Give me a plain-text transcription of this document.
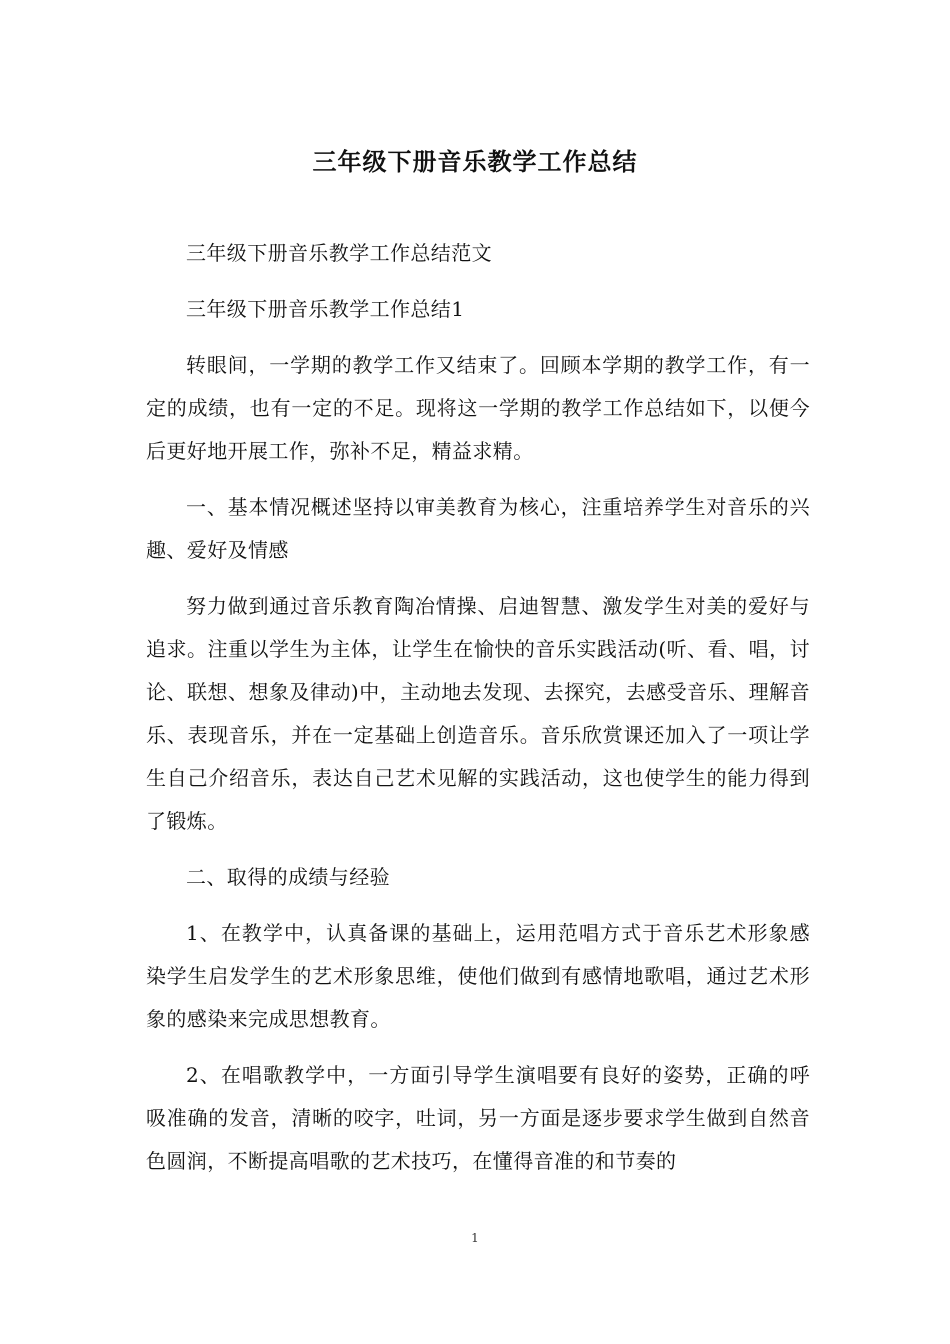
三年级下册音乐教学工作总结

三年级下册音乐教学工作总结范文

三年级下册音乐教学工作总结1

转眼间，一学期的教学工作又结束了。回顾本学期的教学工作，有一定的成绩，也有一定的不足。现将这一学期的教学工作总结如下，以便今后更好地开展工作，弥补不足，精益求精。

一、基本情况概述坚持以审美教育为核心，注重培养学生对音乐的兴趣、爱好及情感

努力做到通过音乐教育陶冶情操、启迪智慧、激发学生对美的爱好与追求。注重以学生为主体，让学生在愉快的音乐实践活动(听、看、唱，讨论、联想、想象及律动)中，主动地去发现、去探究，去感受音乐、理解音乐、表现音乐，并在一定基础上创造音乐。音乐欣赏课还加入了一项让学生自己介绍音乐，表达自己艺术见解的实践活动，这也使学生的能力得到了锻炼。

二、取得的成绩与经验

1、在教学中，认真备课的基础上，运用范唱方式于音乐艺术形象感染学生启发学生的艺术形象思维，使他们做到有感情地歌唱，通过艺术形象的感染来完成思想教育。

2、在唱歌教学中，一方面引导学生演唱要有良好的姿势，正确的呼吸准确的发音，清晰的咬字，吐词，另一方面是逐步要求学生做到自然音色圆润，不断提高唱歌的艺术技巧，在懂得音准的和节奏的

1
